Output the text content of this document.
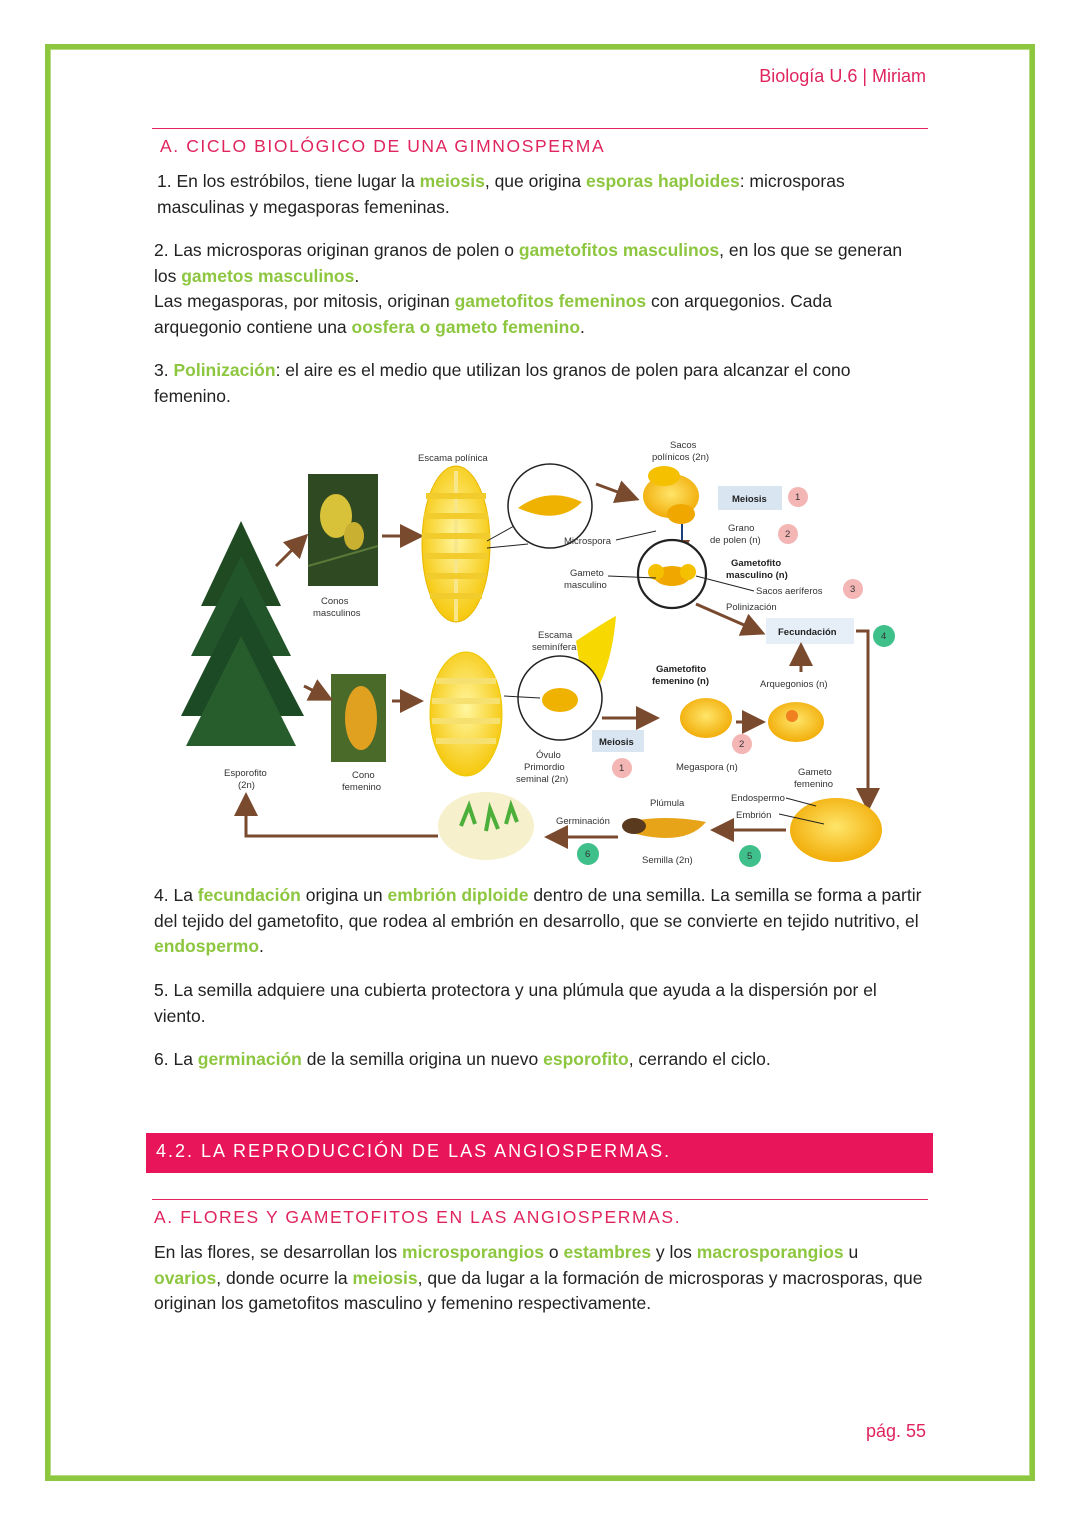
Biología U.6 | Miriam
A. CICLO BIOLÓGICO DE UNA GIMNOSPERMA
1. En los estróbilos, tiene lugar la meiosis, que origina esporas haploides: microsporas masculinas y megasporas femeninas.
2. Las microsporas originan granos de polen o gametofitos masculinos, en los que se generan los gametos masculinos.
Las megasporas, por mitosis, originan gametofitos femeninos con arquegonios. Cada arquegonio contiene una oosfera o gameto femenino.
3. Polinización: el aire es el medio que utilizan los granos de polen para alcanzar el cono femenino.
Conos
masculinos
Cono
femenino
Esporofito
(2n)
Escama polínica
Sacos
polínicos (2n)
Meiosis	1
Microspora
Grano
de polen (n)
2
Gameto
masculino
Gametofito
masculino (n)
Sacos aeríferos	3
Polinización
Fecundación	4
Escama
seminífera
Óvulo
Primordio
seminal (2n)
Meiosis
1
Gametofito
femenino (n)
2
Arquegonios (n)
Megaspora (n)	Gameto
femenino
Endospermo
Embrión
5
Plúmula
Semilla (2n)
Germinación
6
4. La fecundación origina un embrión diploide dentro de una semilla. La semilla se forma a partir del tejido del gametofito, que rodea al embrión en desarrollo, que se convierte en tejido nutritivo, el endospermo.
5. La semilla adquiere una cubierta protectora y una plúmula que ayuda a la dispersión por el viento.
6. La germinación de la semilla origina un nuevo esporofito, cerrando el ciclo.
4.2. LA REPRODUCCIÓN DE LAS ANGIOSPERMAS.
A. FLORES Y GAMETOFITOS EN LAS ANGIOSPERMAS.
En las flores, se desarrollan los microsporangios o estambres y los macrosporangios u ovarios, donde ocurre la meiosis, que da lugar a la formación de microsporas y macrosporas, que originan los gametofitos masculino y femenino respectivamente.
pág. 55
